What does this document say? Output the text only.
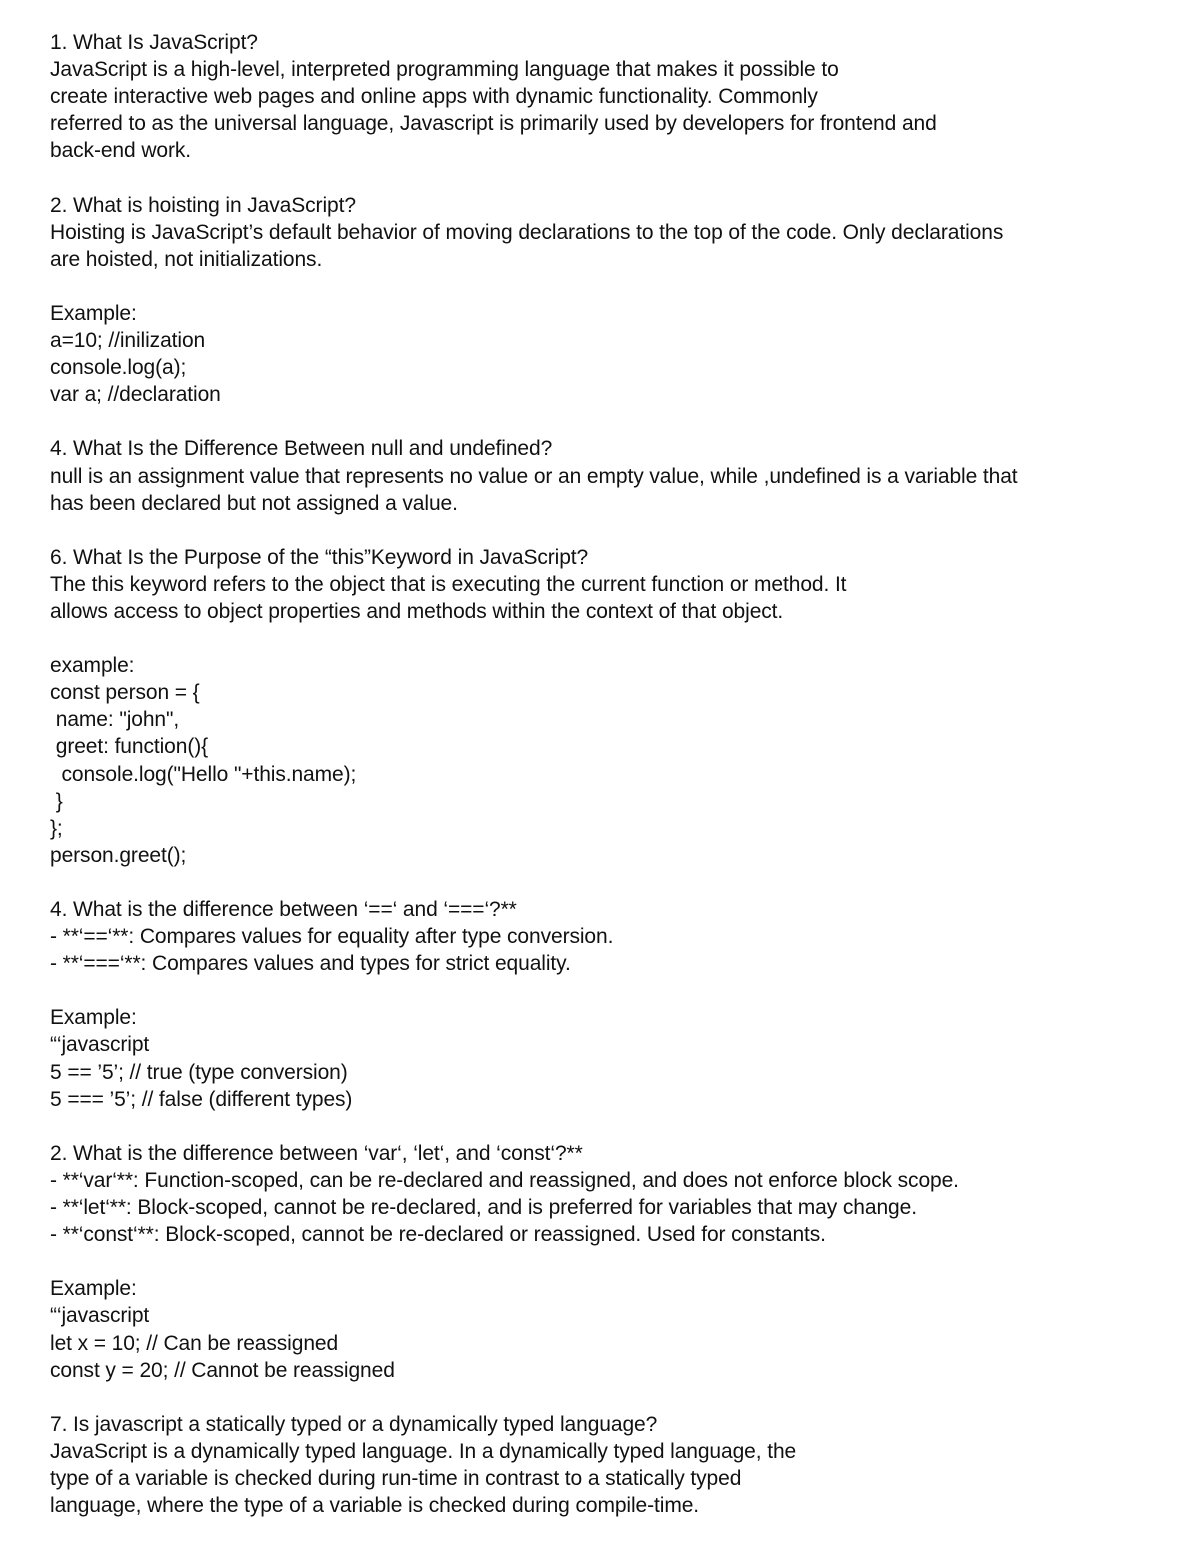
1. What Is JavaScript?
JavaScript is a high-level, interpreted programming language that makes it possible to
create interactive web pages and online apps with dynamic functionality. Commonly
referred to as the universal language, Javascript is primarily used by developers for frontend and
back-end work.
2. What is hoisting in JavaScript?
Hoisting is JavaScript’s default behavior of moving declarations to the top of the code. Only declarations
are hoisted, not initializations.
Example:
a=10; //inilization
console.log(a);
var a; //declaration
4. What Is the Difference Between null and undefined?
null is an assignment value that represents no value or an empty value, while ,undefined is a variable that
has been declared but not assigned a value.
6. What Is the Purpose of the “this”Keyword in JavaScript?
The this keyword refers to the object that is executing the current function or method. It
allows access to object properties and methods within the context of that object.
example:
const person = {
name: "john",
greet: function(){
console.log("Hello "+this.name);
}
};
person.greet();
4. What is the difference between ‘==‘ and ‘===‘?**
- **‘==‘**: Compares values for equality after type conversion.
- **‘===‘**: Compares values and types for strict equality.
Example:
“‘javascript
5 == ’5’; // true (type conversion)
5 === ’5’; // false (different types)
2. What is the difference between ‘var‘, ‘let‘, and ‘const‘?**
- **‘var‘**: Function-scoped, can be re-declared and reassigned, and does not enforce block scope.
- **‘let‘**: Block-scoped, cannot be re-declared, and is preferred for variables that may change.
- **‘const‘**: Block-scoped, cannot be re-declared or reassigned. Used for constants.
Example:
“‘javascript
let x = 10; // Can be reassigned
const y = 20; // Cannot be reassigned
7. Is javascript a statically typed or a dynamically typed language?
JavaScript is a dynamically typed language. In a dynamically typed language, the
type of a variable is checked during run-time in contrast to a statically typed
language, where the type of a variable is checked during compile-time.
